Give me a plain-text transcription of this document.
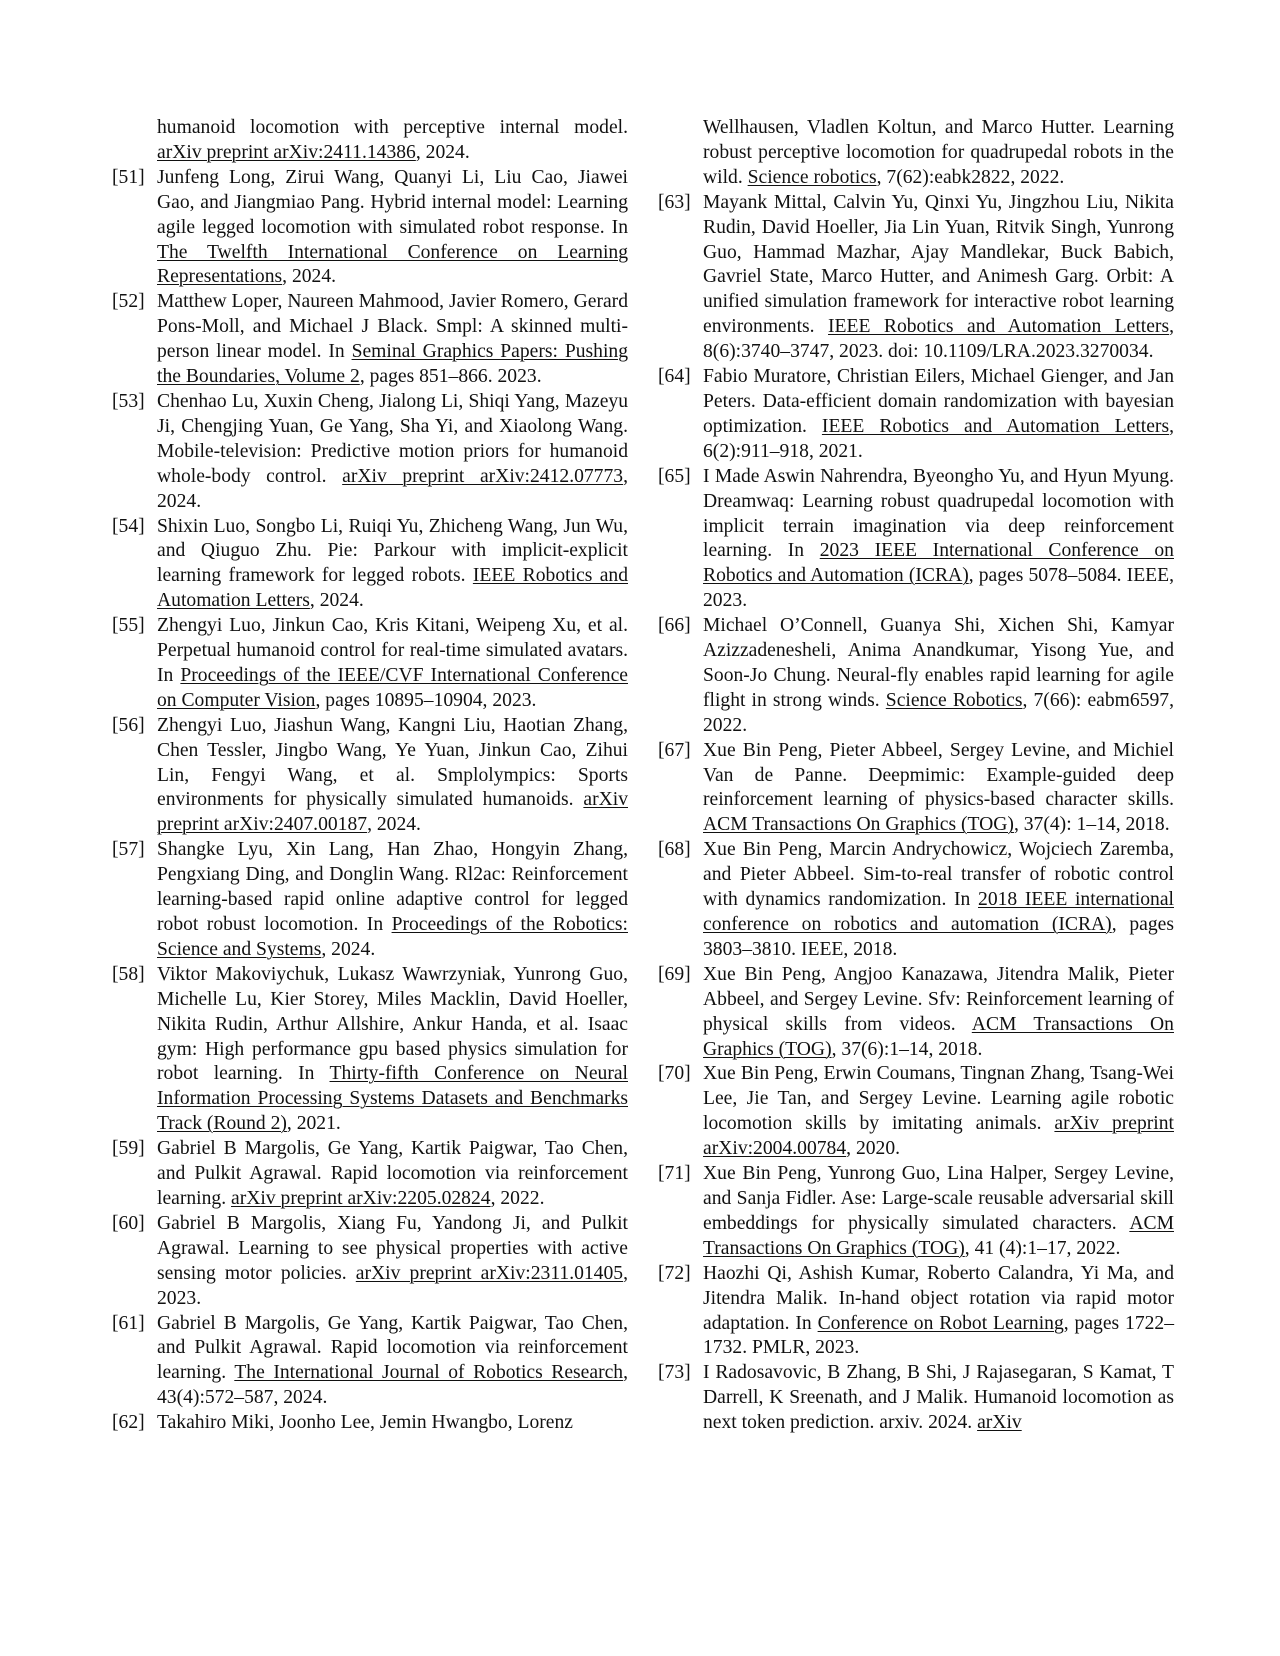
humanoid locomotion with perceptive internal model. arXiv preprint arXiv:2411.14386, 2024.

[51] Junfeng Long, Zirui Wang, Quanyi Li, Liu Cao, Jiawei Gao, and Jiangmiao Pang. Hybrid internal model: Learning agile legged locomotion with simulated robot response. In The Twelfth International Conference on Learning Representations, 2024.

[52] Matthew Loper, Naureen Mahmood, Javier Romero, Gerard Pons-Moll, and Michael J Black. Smpl: A skinned multi-person linear model. In Seminal Graphics Papers: Pushing the Boundaries, Volume 2, pages 851–866. 2023.

[53] Chenhao Lu, Xuxin Cheng, Jialong Li, Shiqi Yang, Mazeyu Ji, Chengjing Yuan, Ge Yang, Sha Yi, and Xiaolong Wang. Mobile-television: Predictive motion priors for humanoid whole-body control. arXiv preprint arXiv:2412.07773, 2024.

[54] Shixin Luo, Songbo Li, Ruiqi Yu, Zhicheng Wang, Jun Wu, and Qiuguo Zhu. Pie: Parkour with implicit-explicit learning framework for legged robots. IEEE Robotics and Automation Letters, 2024.

[55] Zhengyi Luo, Jinkun Cao, Kris Kitani, Weipeng Xu, et al. Perpetual humanoid control for real-time simulated avatars. In Proceedings of the IEEE/CVF International Conference on Computer Vision, pages 10895–10904, 2023.

[56] Zhengyi Luo, Jiashun Wang, Kangni Liu, Haotian Zhang, Chen Tessler, Jingbo Wang, Ye Yuan, Jinkun Cao, Zihui Lin, Fengyi Wang, et al. Smplolympics: Sports environments for physically simulated humanoids. arXiv preprint arXiv:2407.00187, 2024.

[57] Shangke Lyu, Xin Lang, Han Zhao, Hongyin Zhang, Pengxiang Ding, and Donglin Wang. Rl2ac: Reinforcement learning-based rapid online adaptive control for legged robot robust locomotion. In Proceedings of the Robotics: Science and Systems, 2024.

[58] Viktor Makoviychuk, Lukasz Wawrzyniak, Yunrong Guo, Michelle Lu, Kier Storey, Miles Macklin, David Hoeller, Nikita Rudin, Arthur Allshire, Ankur Handa, et al. Isaac gym: High performance gpu based physics simulation for robot learning. In Thirty-fifth Conference on Neural Information Processing Systems Datasets and Benchmarks Track (Round 2), 2021.

[59] Gabriel B Margolis, Ge Yang, Kartik Paigwar, Tao Chen, and Pulkit Agrawal. Rapid locomotion via reinforcement learning. arXiv preprint arXiv:2205.02824, 2022.

[60] Gabriel B Margolis, Xiang Fu, Yandong Ji, and Pulkit Agrawal. Learning to see physical properties with active sensing motor policies. arXiv preprint arXiv:2311.01405, 2023.

[61] Gabriel B Margolis, Ge Yang, Kartik Paigwar, Tao Chen, and Pulkit Agrawal. Rapid locomotion via reinforcement learning. The International Journal of Robotics Research, 43(4):572–587, 2024.

[62] Takahiro Miki, Joonho Lee, Jemin Hwangbo, Lorenz

Wellhausen, Vladlen Koltun, and Marco Hutter. Learning robust perceptive locomotion for quadrupedal robots in the wild. Science robotics, 7(62):eabk2822, 2022.

[63] Mayank Mittal, Calvin Yu, Qinxi Yu, Jingzhou Liu, Nikita Rudin, David Hoeller, Jia Lin Yuan, Ritvik Singh, Yunrong Guo, Hammad Mazhar, Ajay Mandlekar, Buck Babich, Gavriel State, Marco Hutter, and Animesh Garg. Orbit: A unified simulation framework for interactive robot learning environments. IEEE Robotics and Automation Letters, 8(6):3740–3747, 2023. doi: 10.1109/LRA.2023.3270034.

[64] Fabio Muratore, Christian Eilers, Michael Gienger, and Jan Peters. Data-efficient domain randomization with bayesian optimization. IEEE Robotics and Automation Letters, 6(2):911–918, 2021.

[65] I Made Aswin Nahrendra, Byeongho Yu, and Hyun Myung. Dreamwaq: Learning robust quadrupedal locomotion with implicit terrain imagination via deep reinforcement learning. In 2023 IEEE International Conference on Robotics and Automation (ICRA), pages 5078–5084. IEEE, 2023.

[66] Michael O’Connell, Guanya Shi, Xichen Shi, Kamyar Azizzadenesheli, Anima Anandkumar, Yisong Yue, and Soon-Jo Chung. Neural-fly enables rapid learning for agile flight in strong winds. Science Robotics, 7(66): eabm6597, 2022.

[67] Xue Bin Peng, Pieter Abbeel, Sergey Levine, and Michiel Van de Panne. Deepmimic: Example-guided deep reinforcement learning of physics-based character skills. ACM Transactions On Graphics (TOG), 37(4): 1–14, 2018.

[68] Xue Bin Peng, Marcin Andrychowicz, Wojciech Zaremba, and Pieter Abbeel. Sim-to-real transfer of robotic control with dynamics randomization. In 2018 IEEE international conference on robotics and automation (ICRA), pages 3803–3810. IEEE, 2018.

[69] Xue Bin Peng, Angjoo Kanazawa, Jitendra Malik, Pieter Abbeel, and Sergey Levine. Sfv: Reinforcement learning of physical skills from videos. ACM Transactions On Graphics (TOG), 37(6):1–14, 2018.

[70] Xue Bin Peng, Erwin Coumans, Tingnan Zhang, Tsang-Wei Lee, Jie Tan, and Sergey Levine. Learning agile robotic locomotion skills by imitating animals. arXiv preprint arXiv:2004.00784, 2020.

[71] Xue Bin Peng, Yunrong Guo, Lina Halper, Sergey Levine, and Sanja Fidler. Ase: Large-scale reusable adversarial skill embeddings for physically simulated characters. ACM Transactions On Graphics (TOG), 41 (4):1–17, 2022.

[72] Haozhi Qi, Ashish Kumar, Roberto Calandra, Yi Ma, and Jitendra Malik. In-hand object rotation via rapid motor adaptation. In Conference on Robot Learning, pages 1722–1732. PMLR, 2023.

[73] I Radosavovic, B Zhang, B Shi, J Rajasegaran, S Kamat, T Darrell, K Sreenath, and J Malik. Humanoid locomotion as next token prediction. arxiv. 2024. arXiv
